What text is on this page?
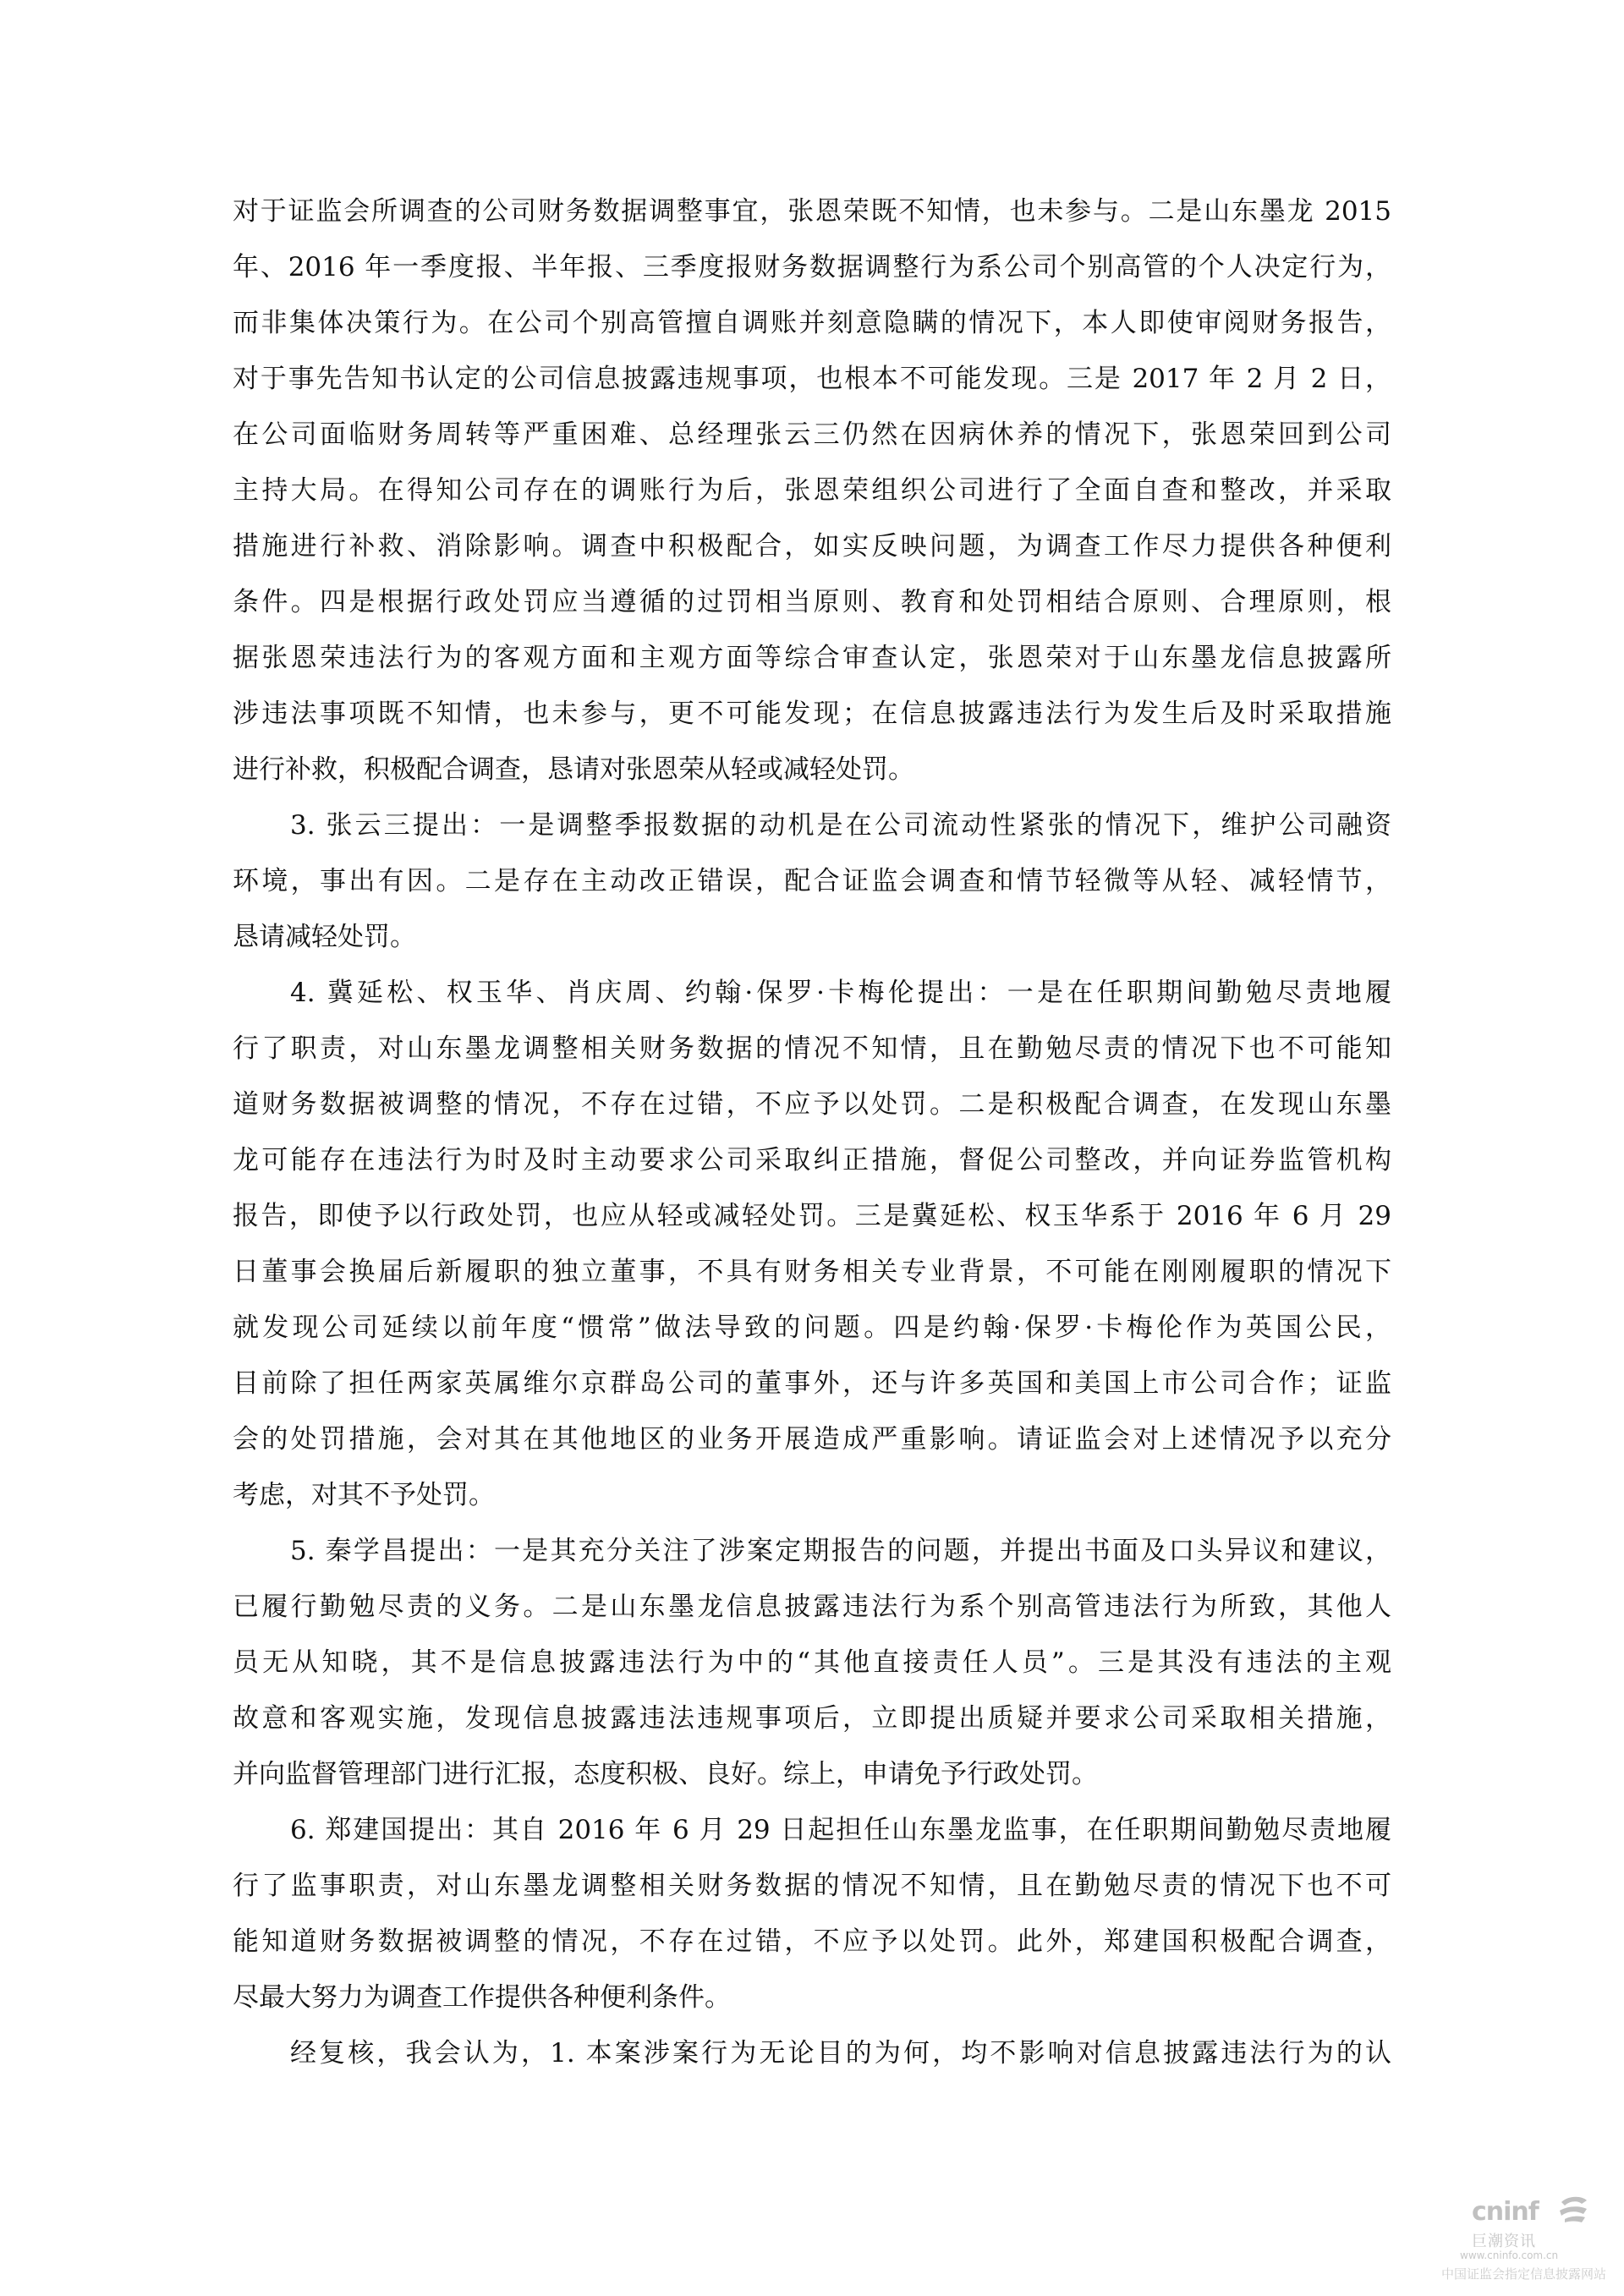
对于证监会所调查的公司财务数据调整事宜，张恩荣既不知情，也未参与。二是山东墨龙 2015
年、2016 年一季度报、半年报、三季度报财务数据调整行为系公司个别高管的个人决定行为，
而非集体决策行为。在公司个别高管擅自调账并刻意隐瞒的情况下，本人即使审阅财务报告，
对于事先告知书认定的公司信息披露违规事项，也根本不可能发现。三是 2017 年 2 月 2 日，
在公司面临财务周转等严重困难、总经理张云三仍然在因病休养的情况下，张恩荣回到公司
主持大局。在得知公司存在的调账行为后，张恩荣组织公司进行了全面自查和整改，并采取
措施进行补救、消除影响。调查中积极配合，如实反映问题，为调查工作尽力提供各种便利
条件。四是根据行政处罚应当遵循的过罚相当原则、教育和处罚相结合原则、合理原则，根
据张恩荣违法行为的客观方面和主观方面等综合审查认定，张恩荣对于山东墨龙信息披露所
涉违法事项既不知情，也未参与，更不可能发现；在信息披露违法行为发生后及时采取措施
进行补救，积极配合调查，恳请对张恩荣从轻或减轻处罚。
3. 张云三提出：一是调整季报数据的动机是在公司流动性紧张的情况下，维护公司融资
环境，事出有因。二是存在主动改正错误，配合证监会调查和情节轻微等从轻、减轻情节，
恳请减轻处罚。
4. 冀延松、权玉华、肖庆周、约翰·保罗·卡梅伦提出：一是在任职期间勤勉尽责地履
行了职责，对山东墨龙调整相关财务数据的情况不知情，且在勤勉尽责的情况下也不可能知
道财务数据被调整的情况，不存在过错，不应予以处罚。二是积极配合调查，在发现山东墨
龙可能存在违法行为时及时主动要求公司采取纠正措施，督促公司整改，并向证券监管机构
报告，即使予以行政处罚，也应从轻或减轻处罚。三是冀延松、权玉华系于 2016 年 6 月 29
日董事会换届后新履职的独立董事，不具有财务相关专业背景，不可能在刚刚履职的情况下
就发现公司延续以前年度“惯常”做法导致的问题。四是约翰·保罗·卡梅伦作为英国公民，
目前除了担任两家英属维尔京群岛公司的董事外，还与许多英国和美国上市公司合作；证监
会的处罚措施，会对其在其他地区的业务开展造成严重影响。请证监会对上述情况予以充分
考虑，对其不予处罚。
5. 秦学昌提出：一是其充分关注了涉案定期报告的问题，并提出书面及口头异议和建议，
已履行勤勉尽责的义务。二是山东墨龙信息披露违法行为系个别高管违法行为所致，其他人
员无从知晓，其不是信息披露违法行为中的“其他直接责任人员”。三是其没有违法的主观
故意和客观实施，发现信息披露违法违规事项后，立即提出质疑并要求公司采取相关措施，
并向监督管理部门进行汇报，态度积极、良好。综上，申请免予行政处罚。
6. 郑建国提出：其自 2016 年 6 月 29 日起担任山东墨龙监事，在任职期间勤勉尽责地履
行了监事职责，对山东墨龙调整相关财务数据的情况不知情，且在勤勉尽责的情况下也不可
能知道财务数据被调整的情况，不存在过错，不应予以处罚。此外，郑建国积极配合调查，
尽最大努力为调查工作提供各种便利条件。
经复核，我会认为，1. 本案涉案行为无论目的为何，均不影响对信息披露违法行为的认
cninf
巨潮资讯
www.cninfo.com.cn
中国证监会指定信息披露网站
